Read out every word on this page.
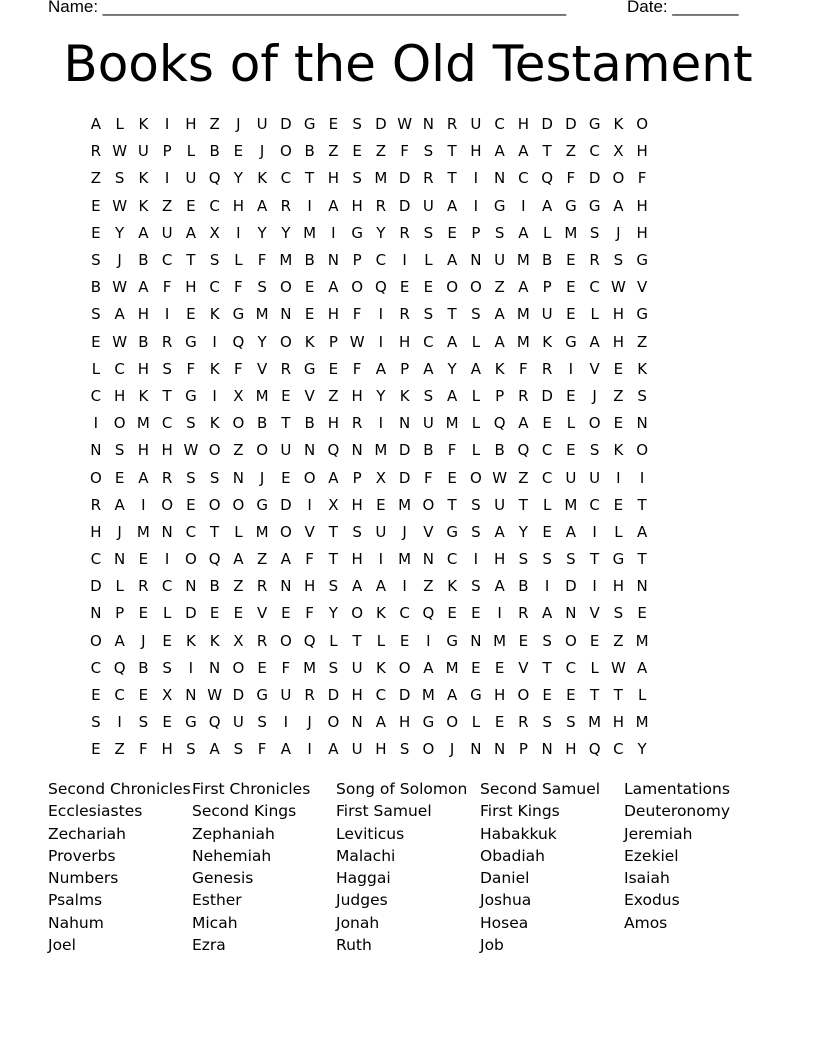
Name: _________________________________________________	Date: _______
Books of the Old Testament
A L K	I	H Z	J	U D G E S D W N R U C H D D G K O
R W U P	L B E	J	O B Z E Z F S T H A A T Z C X H
Z S K	I	U Q Y K C T H S M D R T	I	N C Q F D O F
E W K Z E C H A R	I	A H R D U A	I	G	I	A G G A H
E Y A U A X	I	Y Y M	I	G Y R S E P S A L M S	J	H
S	J	B C T S L	F M B N P C	I	L A N U M B E R S G
B W A F H C F S O E A O Q E E O O Z A P E C W V
S A H	I	E K G M N E H F	I	R S T S A M U E L H G
E W B R G	I	Q Y O K P W I	H C A L A M K G A H Z
L C H S F K F V R G E F A P A Y A K F R	I	V E K
C H K T G	I	X M E V Z H Y K S A L	P R D E	J	Z S
I	O M C S K O B T B H R	I	N U M L Q A E L O E N
N S H H W O Z O U N Q N M D B F	L B Q C E S K O
O E A R S S N	J	E O A P X D F E O W Z C U U	I	I
R A	I	O E O O G D	I	X H E M O T S U T L M C E T
H	J	M N C T L M O V T S U	J	V G S A Y E A	I	L A
C N E	I	O Q A Z A F T H	I	M N C	I	H S S S T G T
D L R C N B Z R N H S A A	I	Z K S A B	I	D	I	H N
N P E L D E E V E F Y O K C Q E E	I	R A N V S E
O A	J	E K K X R O Q L T L E	I	G N M E S O E Z M
C Q B S	I	N O E F M S U K O A M E E V T C L W A
E C E X N W D G U R D H C D M A G H O E E T T L
S	I	S E G Q U S	I	J	O N A H G O L E R S S M H M
E Z F H S A S F A	I	A U H S O	J	N N P N H Q C Y
Second Chronicles
Ecclesiastes
Zechariah
Proverbs
Numbers
Psalms
Nahum
Joel
First Chronicles
Second Kings
Zephaniah
Nehemiah
Genesis
Esther
Micah
Ezra
Song of Solomon
First Samuel
Leviticus
Malachi
Haggai
Judges
Jonah
Ruth
Second Samuel
First Kings
Habakkuk
Obadiah
Daniel
Joshua
Hosea
Job
Lamentations
Deuteronomy
Jeremiah
Ezekiel
Isaiah
Exodus
Amos
